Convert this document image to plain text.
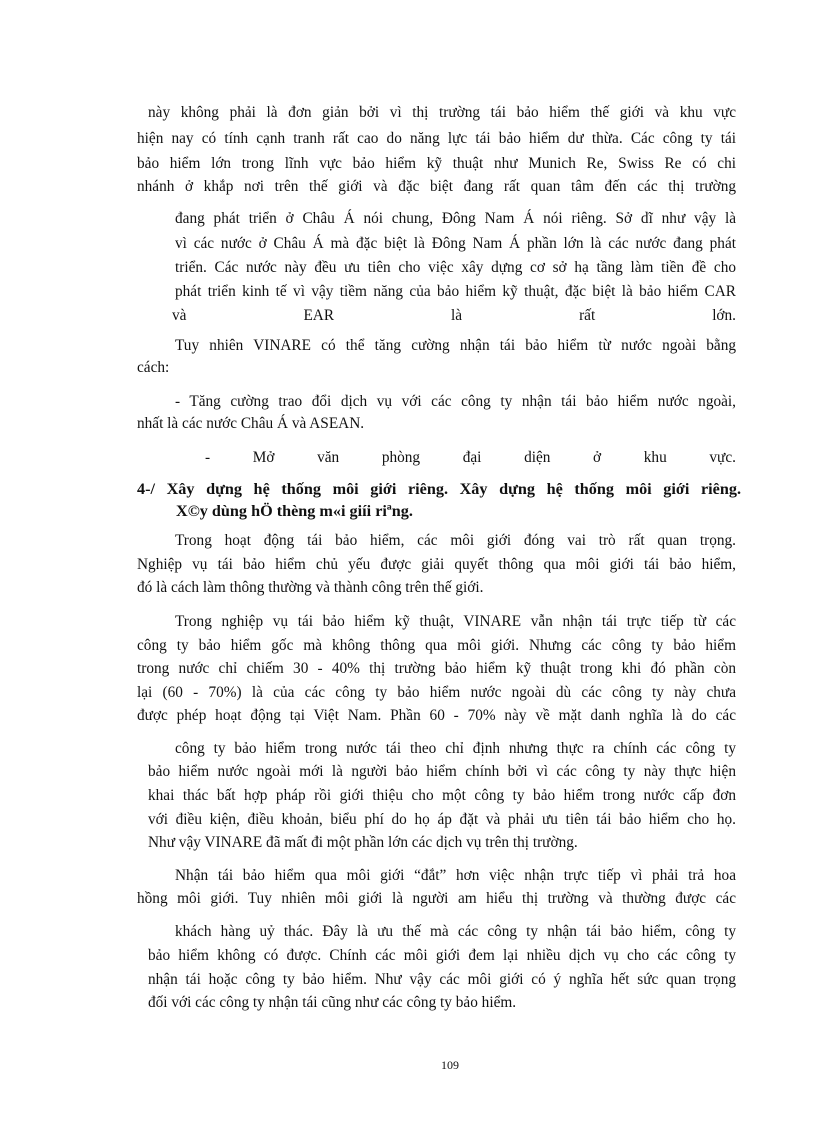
này không phải là đơn giản bởi vì thị trường tái bảo hiểm thế giới và khu vực
hiện nay có tính cạnh tranh rất cao do năng lực tái bảo hiểm dư thừa. Các công ty tái
bảo hiểm lớn trong lĩnh vực bảo hiểm kỹ thuật như Munich Re, Swiss Re có chi
nhánh ở khắp nơi trên thế giới và đặc biệt đang rất quan tâm đến các thị trường
đang phát triển ở Châu Á nói chung, Đông Nam Á nói riêng. Sở dĩ như vậy là
vì các nước ở Châu Á mà đặc biệt là Đông Nam Á phần lớn là các nước đang phát
triển. Các nước này đều ưu tiên cho việc xây dựng cơ sở hạ tầng làm tiền đề cho
phát triển kinh tế vì vậy tiềm năng của bảo hiểm kỹ thuật, đặc biệt là bảo hiểm CAR
và	EAR	là	rất	lớn.
Tuy nhiên VINARE có thể tăng cường nhận tái bảo hiểm từ nước ngoài bằng
cách:
- Tăng cường trao đổi dịch vụ với các công ty nhận tái bảo hiểm nước ngoài,
nhất là các nước Châu Á và ASEAN.
-	Mở	văn	phòng	đại	diện	ở	khu	vực.
4-/ Xây dựng hệ thống môi giới riêng. Xây dựng hệ thống môi giới riêng.
X©y dùng hÖ thèng m«i giíi riªng.
Trong hoạt động tái bảo hiểm, các môi giới đóng vai trò rất quan trọng.
Nghiệp vụ tái bảo hiểm chủ yếu được giải quyết thông qua môi giới tái bảo hiểm,
đó là cách làm thông thường và thành công trên thế giới.
Trong nghiệp vụ tái bảo hiểm kỹ thuật, VINARE vẫn nhận tái trực tiếp từ các
công ty bảo hiểm gốc mà không thông qua môi giới. Nhưng các công ty bảo hiểm
trong nước chỉ chiếm 30 - 40% thị trường bảo hiểm kỹ thuật trong khi đó phần còn
lại (60 - 70%) là của các công ty bảo hiểm nước ngoài dù các công ty này chưa
được phép hoạt động tại Việt Nam. Phần 60 - 70% này về mặt danh nghĩa là do các
công ty bảo hiểm trong nước tái theo chỉ định nhưng thực ra chính các công ty
bảo hiểm nước ngoài mới là người bảo hiểm chính bởi vì các công ty này thực hiện
khai thác bất hợp pháp rồi giới thiệu cho một công ty bảo hiểm trong nước cấp đơn
với điều kiện, điều khoản, biểu phí do họ áp đặt và phải ưu tiên tái bảo hiểm cho họ.
Như vậy VINARE đã mất đi một phần lớn các dịch vụ trên thị trường.
Nhận tái bảo hiểm qua môi giới “đắt” hơn việc nhận trực tiếp vì phải trả hoa
hồng môi giới. Tuy nhiên môi giới là người am hiểu thị trường và thường được các
khách hàng uỷ thác. Đây là ưu thế mà các công ty nhận tái bảo hiểm, công ty
bảo hiểm không có được. Chính các môi giới đem lại nhiều dịch vụ cho các công ty
nhận tái hoặc công ty bảo hiểm. Như vậy các môi giới có ý nghĩa hết sức quan trọng
đối với các công ty nhận tái cũng như các công ty bảo hiểm.
109
